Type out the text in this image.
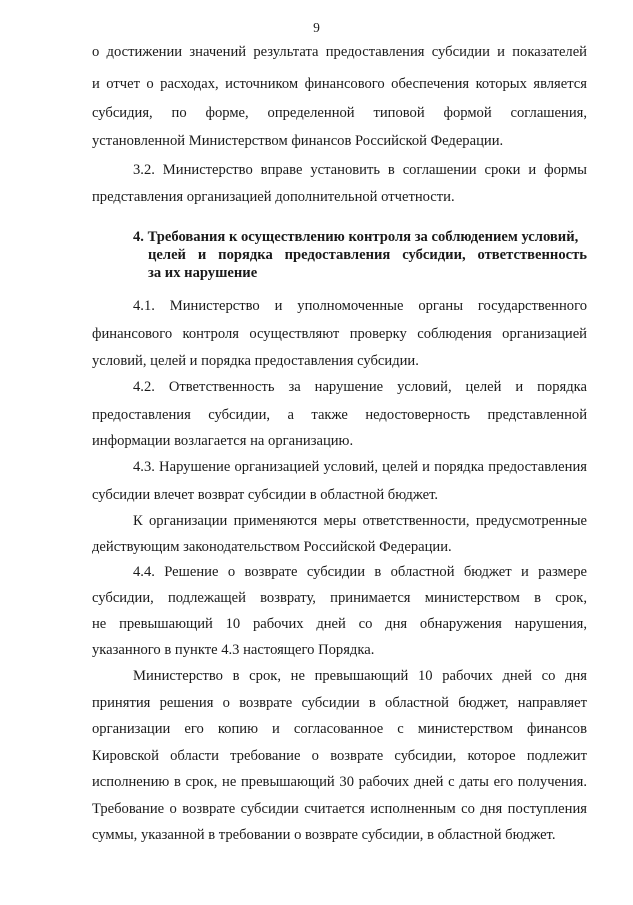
9
о достижении значений результата предоставления субсидии и показателей
и отчет о расходах, источником финансового обеспечения которых является
субсидия, по форме, определенной типовой формой соглашения,
установленной Министерством финансов Российской Федерации.
3.2. Министерство вправе установить в соглашении сроки и формы
представления организацией дополнительной отчетности.
4. Требования к осуществлению контроля за соблюдением условий,
целей и порядка предоставления субсидии, ответственность
за их нарушение
4.1. Министерство и уполномоченные органы государственного
финансового контроля осуществляют проверку соблюдения организацией
условий, целей и порядка предоставления субсидии.
4.2. Ответственность за нарушение условий, целей и порядка
предоставления субсидии, а также недостоверность представленной
информации возлагается на организацию.
4.3. Нарушение организацией условий, целей и порядка предоставления
субсидии влечет возврат субсидии в областной бюджет.
К организации применяются меры ответственности, предусмотренные
действующим законодательством Российской Федерации.
4.4. Решение о возврате субсидии в областной бюджет и размере
субсидии, подлежащей возврату, принимается министерством в срок,
не превышающий 10 рабочих дней со дня обнаружения нарушения,
указанного в пункте 4.3 настоящего Порядка.
Министерство в срок, не превышающий 10 рабочих дней со дня
принятия решения о возврате субсидии в областной бюджет, направляет
организации его копию и согласованное с министерством финансов
Кировской области требование о возврате субсидии, которое подлежит
исполнению в срок, не превышающий 30 рабочих дней с даты его получения.
Требование о возврате субсидии считается исполненным со дня поступления
суммы, указанной в требовании о возврате субсидии, в областной бюджет.
